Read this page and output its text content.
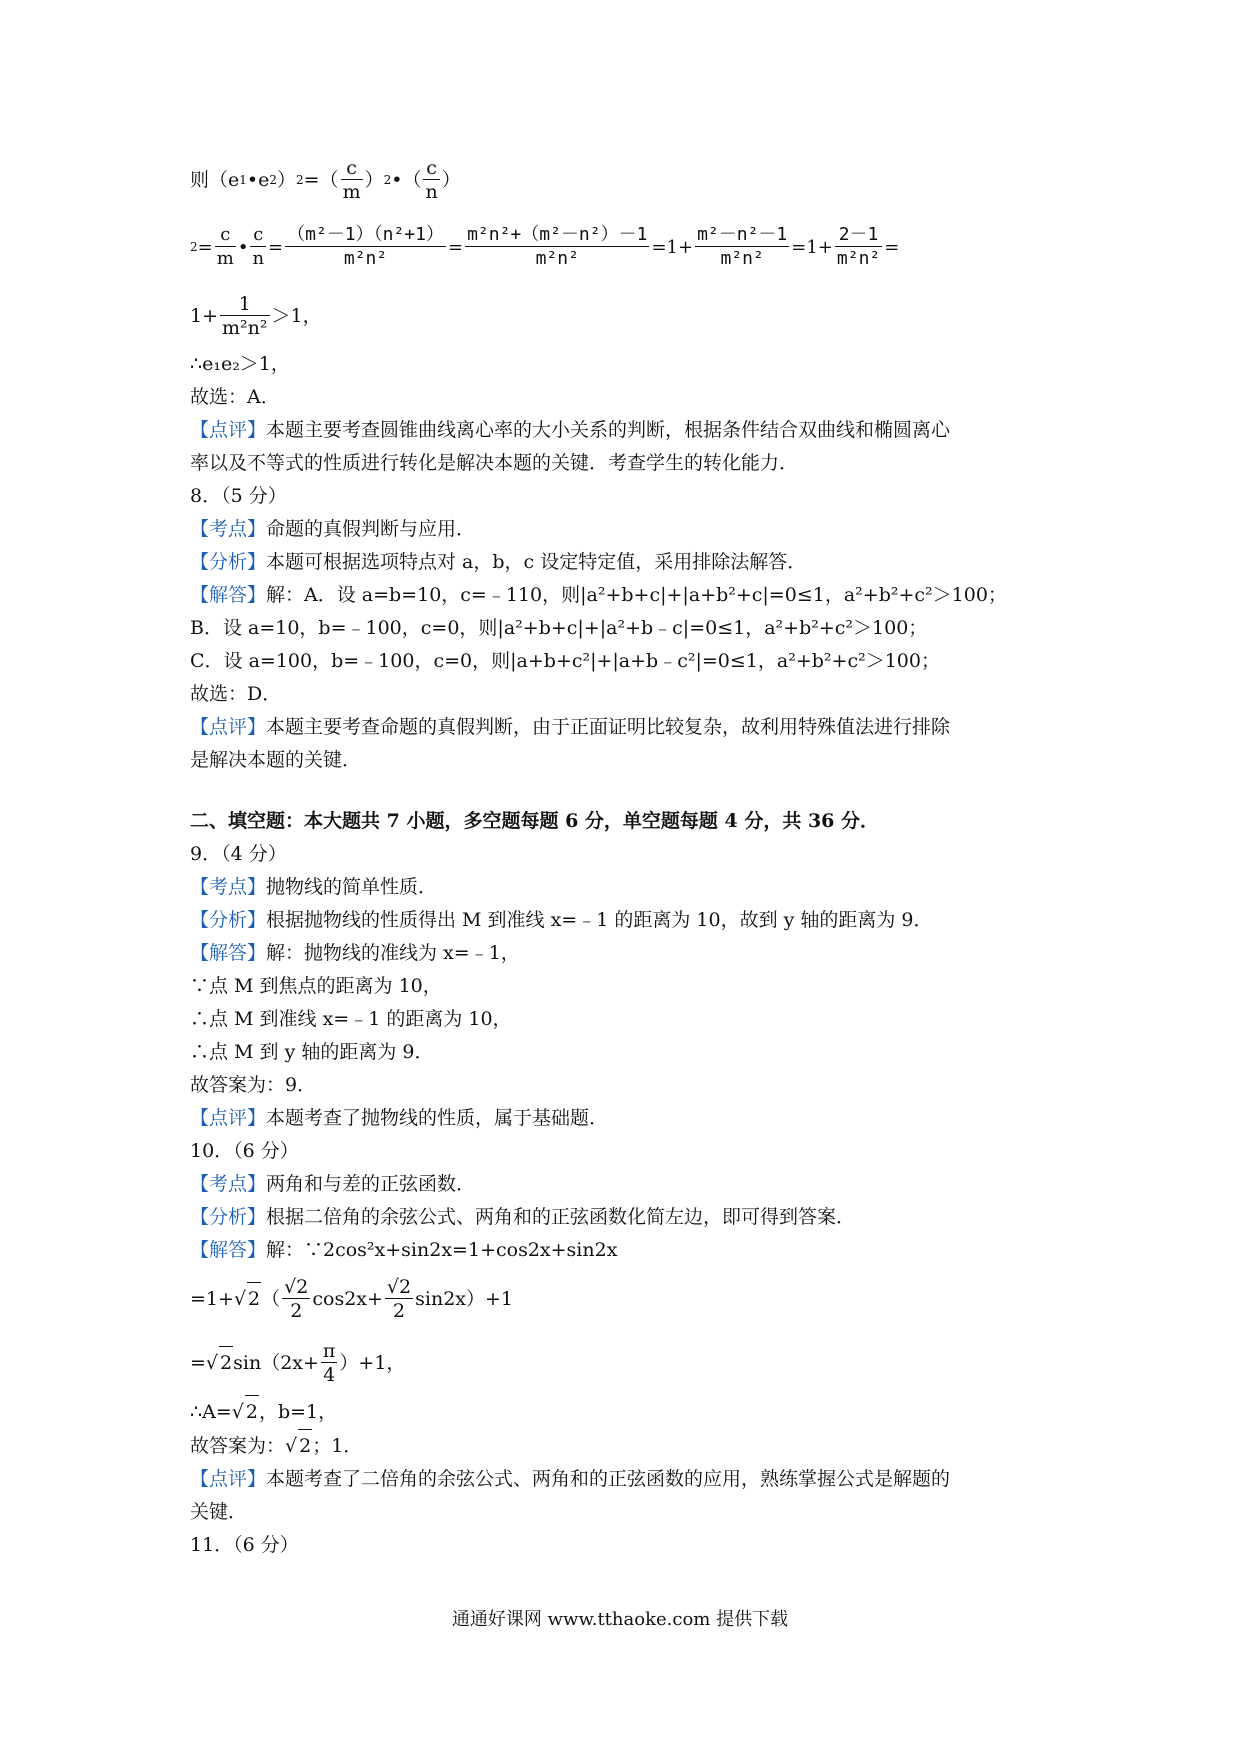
则（e 1 •e 2 ） 2 =（ $\frac{c}{m}$ ） 2 •（ $\frac{c}{n}$ ）
$2 = \frac{c}{m}$ • $\frac{c}{n} = \frac{\text{（m²－1）（n²+1）}}{\text{m²n²}} = \frac{\text{m²n²+（m²－n²）－1}}{\text{m²n²}} =1+ \frac{\text{m²－n²－1}}{\text{m²n²}} =1+ \frac{2-1}{\text{m²n²}}$ =
$1+ \frac{1}{\text{m²n²}} >1$，
∴e₁e₂＞1，
故选：A．
【点评】本题主要考查圆锥曲线离心率的大小关系的判断，根据条件结合双曲线和椭圆离心
率以及不等式的性质进行转化是解决本题的关键．考查学生的转化能力．
8．（5 分）
【考点】命题的真假判断与应用．
【分析】本题可根据选项特点对 a，b，c 设定特定值，采用排除法解答．
【解答】解：A．设 a=b=10，c=﹣110，则|a²+b+c|+|a+b²+c|=0≤1，a²+b²+c²＞100；
B．设 a=10，b=﹣100，c=0，则|a²+b+c|+|a²+b﹣c|=0≤1，a²+b²+c²＞100；
C．设 a=100，b=﹣100，c=0，则|a+b+c²|+|a+b﹣c²|=0≤1，a²+b²+c²＞100；
故选：D．
【点评】本题主要考查命题的真假判断，由于正面证明比较复杂，故利用特殊值法进行排除
是解决本题的关键．
二、填空题：本大题共 7 小题，多空题每题 6 分，单空题每题 4 分，共 36 分．
9．（4 分）
【考点】抛物线的简单性质．
【分析】根据抛物线的性质得出 M 到准线 x=﹣1 的距离为 10，故到 y 轴的距离为 9．
【解答】解：抛物线的准线为 x=﹣1，
∵点 M 到焦点的距离为 10，
∴点 M 到准线 x=﹣1 的距离为 10，
∴点 M 到 y 轴的距离为 9．
故答案为：9．
【点评】本题考查了抛物线的性质，属于基础题．
10．（6 分）
【考点】两角和与差的正弦函数．
【分析】根据二倍角的余弦公式、两角和的正弦函数化简左边，即可得到答案．
【解答】解：∵2cos²x+sin2x=1+cos2x+sin2x
=1+ √ 2 （ $\frac{√2}{2} \cos 2x+ \frac{√2}{2} \sin 2x)+1$
= √ 2 $\sin(2x+ \frac{\pi}{4} )+1$，
∴A=√ 2，b=1，
故答案为：√ 2；1．
【点评】本题考查了二倍角的余弦公式、两角和的正弦函数的应用，熟练掌握公式是解题的
关键．
11．（6 分）
通通好课网 www.tthaoke.com 提供下载
